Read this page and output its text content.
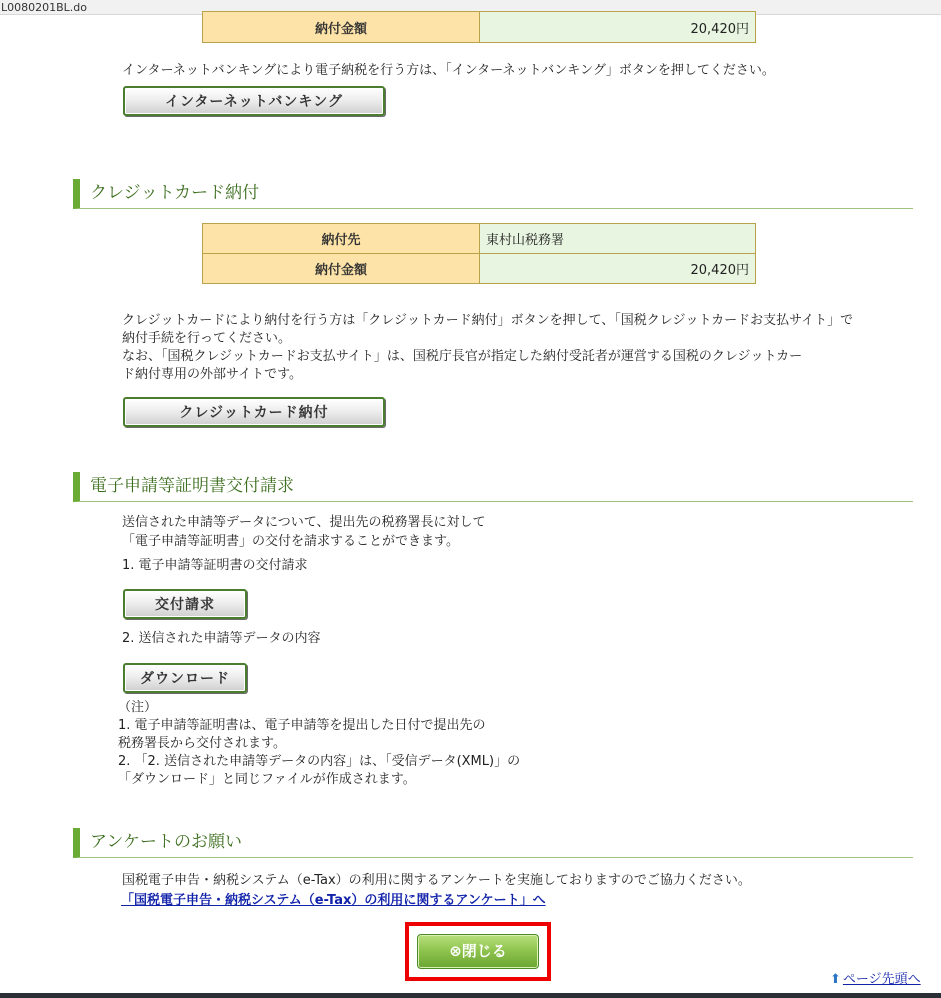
L0080201BL.do
納付金額	20,420円

インターネットバンキングにより電子納税を行う方は、「インターネットバンキング」ボタンを押してください。

インターネットバンキング
クレジットカード納付
納付先	東村山税務署
納付金額	20,420円

クレジットカードにより納付を行う方は「クレジットカード納付」ボタンを押して、「国税クレジットカードお支払サイト」で

納付手続を行ってください。

なお、「国税クレジットカードお支払サイト」は、国税庁長官が指定した納付受託者が運営する国税のクレジットカー

ド納付専用の外部サイトです。

クレジットカード納付
電子申請等証明書交付請求

送信された申請等データについて、提出先の税務署長に対して

「電子申請等証明書」の交付を請求することができます。

1. 電子申請等証明書の交付請求

交付請求

2. 送信された申請等データの内容

ダウンロード

（注）

1. 電子申請等証明書は、電子申請等を提出した日付で提出先の

税務署長から交付されます。

2. 「2. 送信された申請等データの内容」は、「受信データ(XML)」の

「ダウンロード」と同じファイルが作成されます。

アンケートのお願い

国税電子申告・納税システム（e-Tax）の利用に関するアンケートを実施しておりますのでご協力ください。

「国税電子申告・納税システム（e-Tax）の利用に関するアンケート」へ
⊗閉じる
⬆ ページ先頭へ
